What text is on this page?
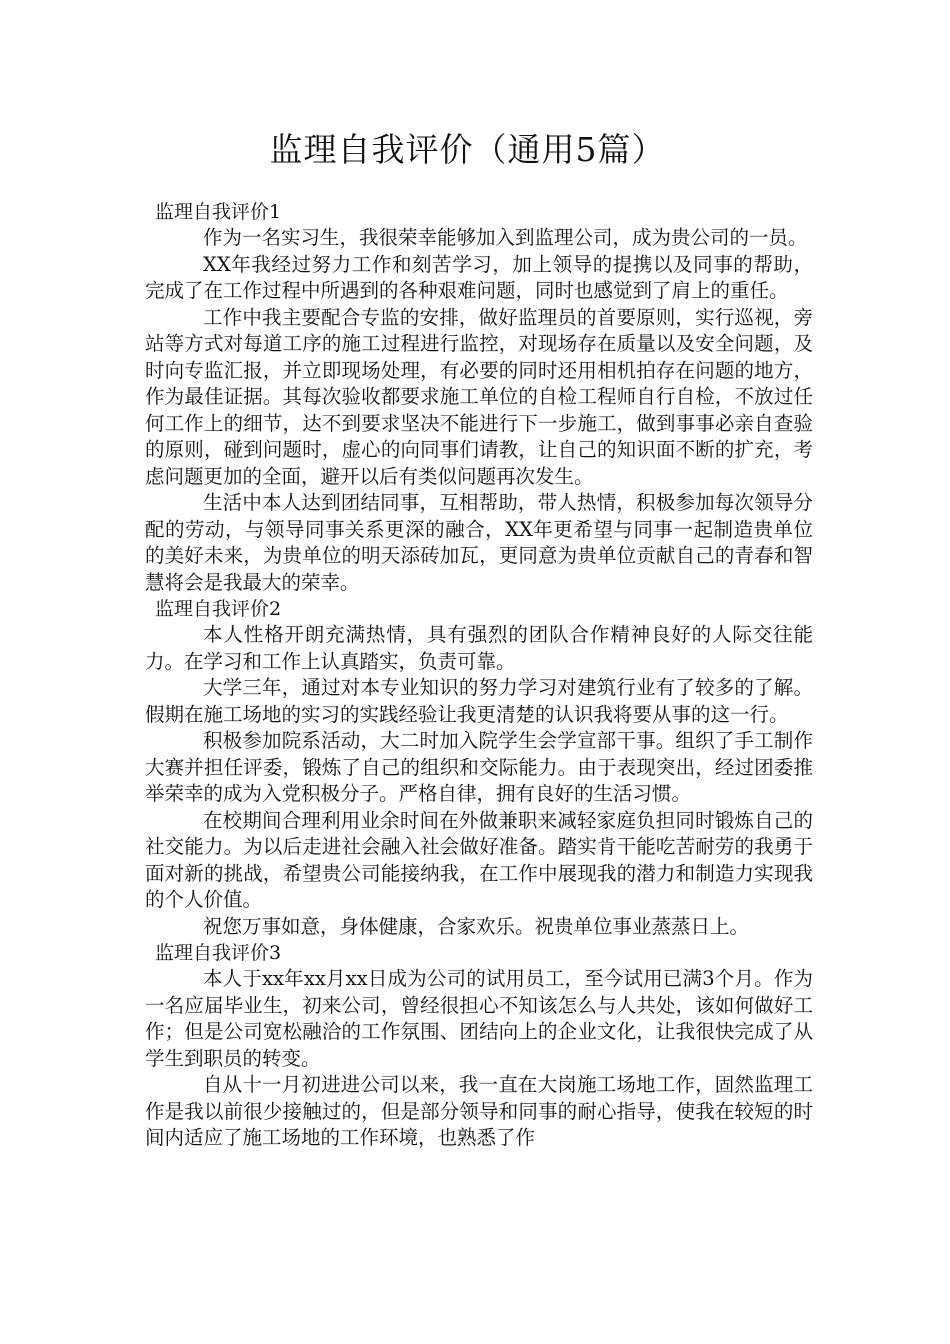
监理自我评价（通用5篇）
监理自我评价1

作为一名实习生，我很荣幸能够加入到监理公司，成为贵公司的一员。

XX年我经过努力工作和刻苦学习，加上领导的提携以及同事的帮助，完成了在工作过程中所遇到的各种艰难问题，同时也感觉到了肩上的重任。

工作中我主要配合专监的安排，做好监理员的首要原则，实行巡视，旁站等方式对每道工序的施工过程进行监控，对现场存在质量以及安全问题，及时向专监汇报，并立即现场处理，有必要的同时还用相机拍存在问题的地方，作为最佳证据。其每次验收都要求施工单位的自检工程师自行自检，不放过任何工作上的细节，达不到要求坚决不能进行下一步施工，做到事事必亲自查验的原则，碰到问题时，虚心的向同事们请教，让自己的知识面不断的扩充，考虑问题更加的全面，避开以后有类似问题再次发生。

生活中本人达到团结同事，互相帮助，带人热情，积极参加每次领导分配的劳动，与领导同事关系更深的融合，XX年更希望与同事一起制造贵单位的美好未来，为贵单位的明天添砖加瓦，更同意为贵单位贡献自己的青春和智慧将会是我最大的荣幸。

监理自我评价2

本人性格开朗充满热情，具有强烈的团队合作精神良好的人际交往能力。在学习和工作上认真踏实，负责可靠。

大学三年，通过对本专业知识的努力学习对建筑行业有了较多的了解。假期在施工场地的实习的实践经验让我更清楚的认识我将要从事的这一行。

积极参加院系活动，大二时加入院学生会学宣部干事。组织了手工制作大赛并担任评委，锻炼了自己的组织和交际能力。由于表现突出，经过团委推举荣幸的成为入党积极分子。严格自律，拥有良好的生活习惯。

在校期间合理利用业余时间在外做兼职来减轻家庭负担同时锻炼自己的社交能力。为以后走进社会融入社会做好准备。踏实肯干能吃苦耐劳的我勇于面对新的挑战，希望贵公司能接纳我，在工作中展现我的潜力和制造力实现我的个人价值。

祝您万事如意，身体健康，合家欢乐。祝贵单位事业蒸蒸日上。

监理自我评价3

本人于xx年xx月xx日成为公司的试用员工，至今试用已满3个月。作为一名应届毕业生，初来公司，曾经很担心不知该怎么与人共处，该如何做好工作；但是公司宽松融洽的工作氛围、团结向上的企业文化，让我很快完成了从学生到职员的转变。

自从十一月初进进公司以来，我一直在大岗施工场地工作，固然监理工作是我以前很少接触过的，但是部分领导和同事的耐心指导，使我在较短的时间内适应了施工场地的工作环境，也熟悉了作
